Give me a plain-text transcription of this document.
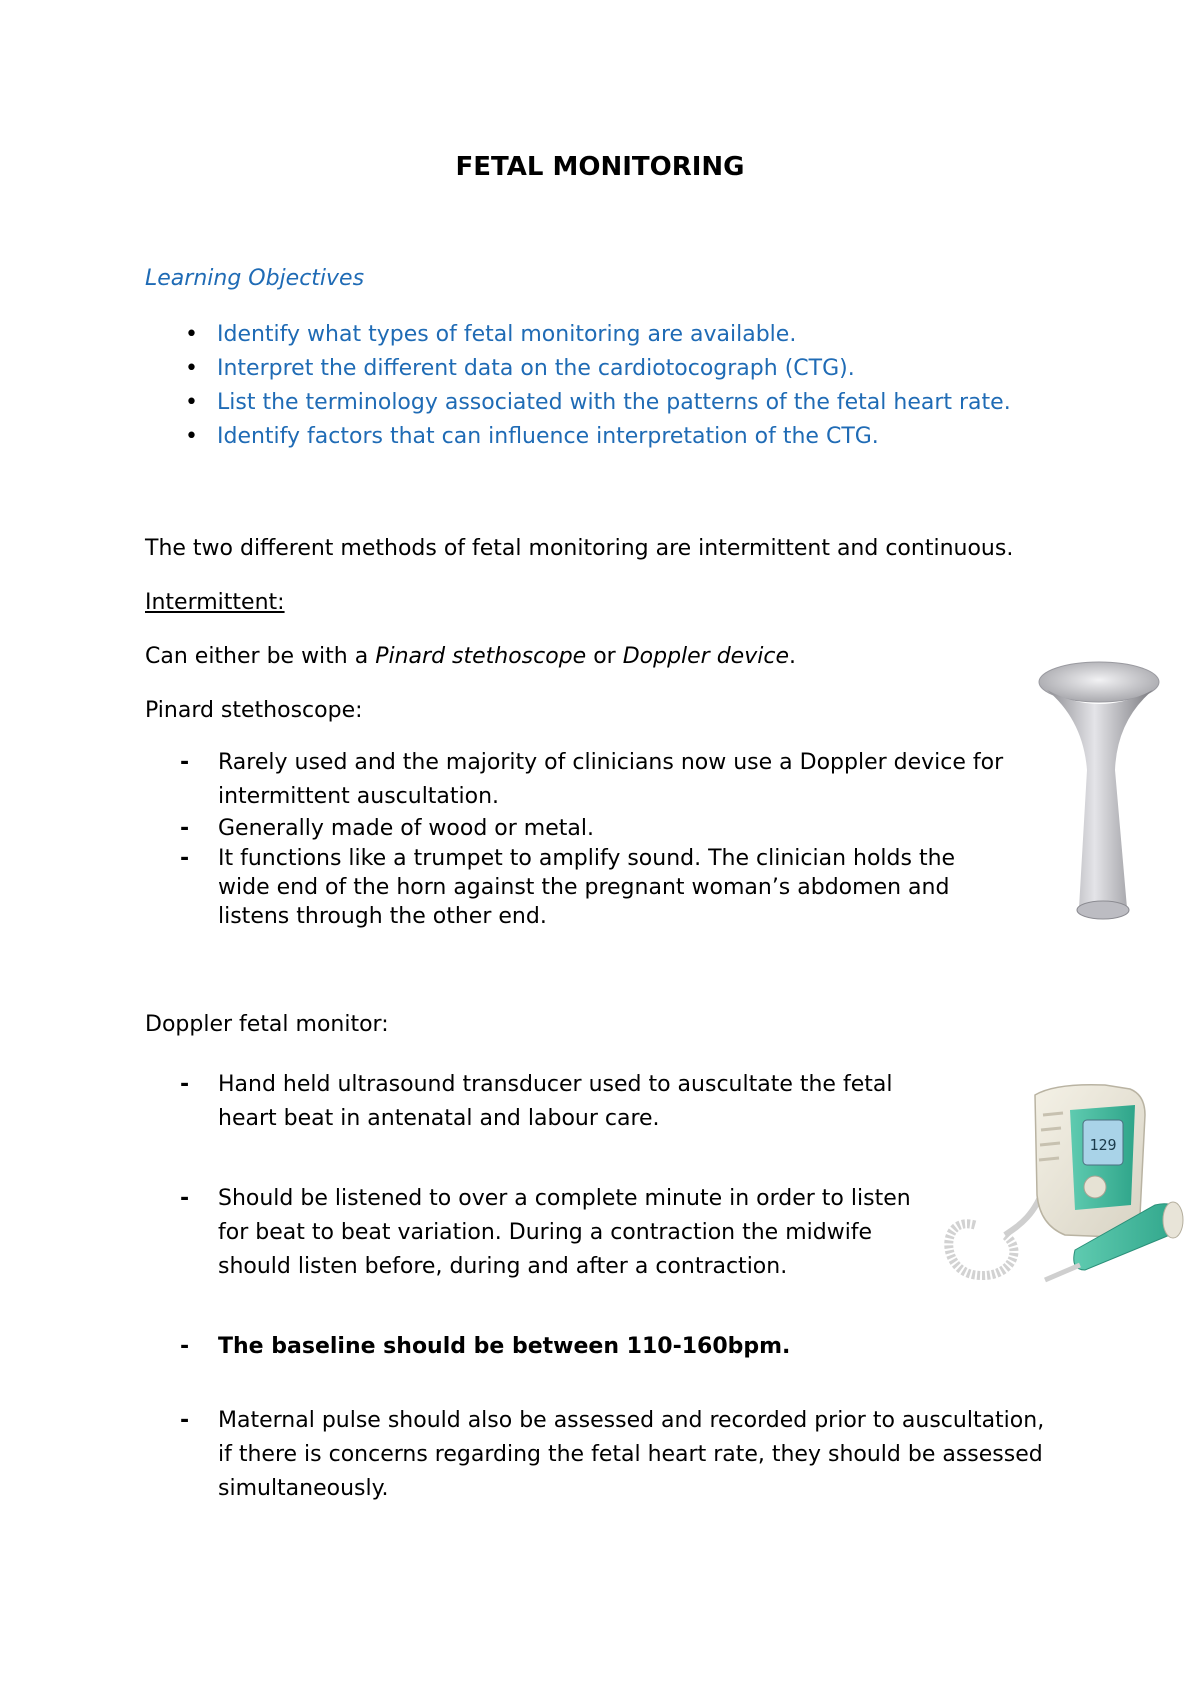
FETAL MONITORING
Learning Objectives
• Identify what types of fetal monitoring are available.
• Interpret the different data on the cardiotocograph (CTG).
• List the terminology associated with the patterns of the fetal heart rate.
• Identify factors that can influence interpretation of the CTG.

The two different methods of fetal monitoring are intermittent and continuous.

Intermittent:

Can either be with a Pinard stethoscope or Doppler device.

Pinard stethoscope:

- Rarely used and the majority of clinicians now use a Doppler device for intermittent auscultation.
- Generally made of wood or metal.
- It functions like a trumpet to amplify sound. The clinician holds the wide end of the horn against the pregnant woman’s abdomen and listens through the other end.

Doppler fetal monitor:

- Hand held ultrasound transducer used to auscultate the fetal heart beat in antenatal and labour care.
- Should be listened to over a complete minute in order to listen for beat to beat variation. During a contraction the midwife should listen before, during and after a contraction.
- The baseline should be between 110-160bpm.
- Maternal pulse should also be assessed and recorded prior to auscultation, if there is concerns regarding the fetal heart rate, they should be assessed simultaneously.
129
